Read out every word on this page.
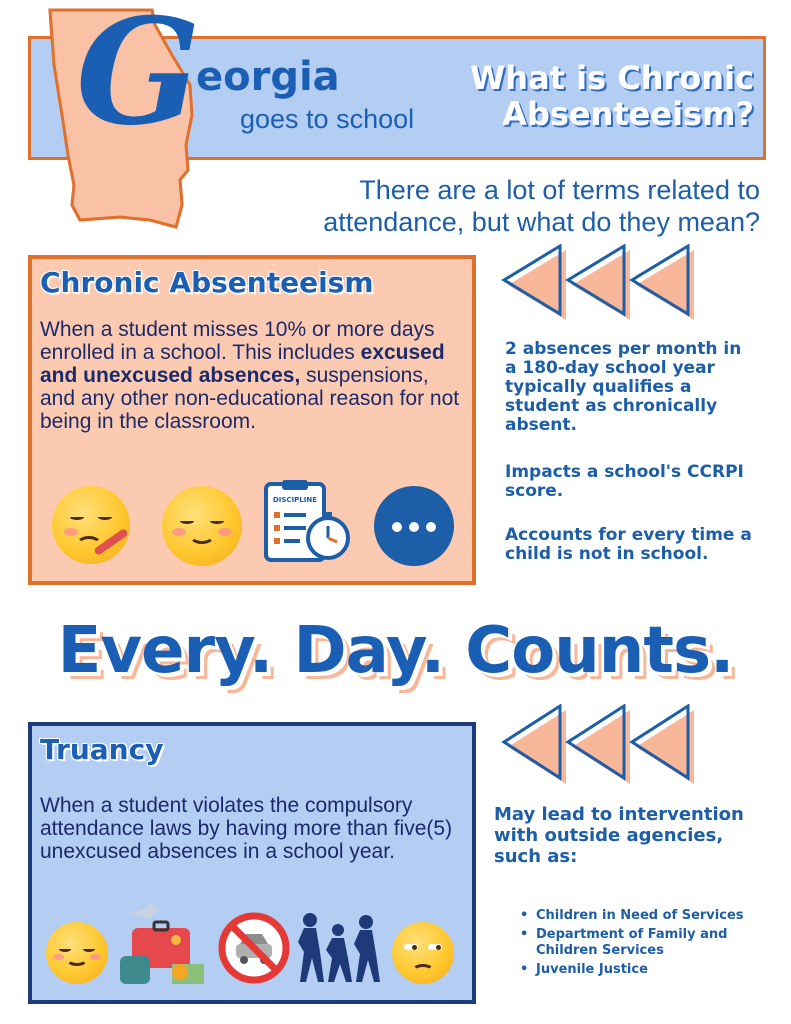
G
eorgia
goes to school
What is Chronic Absenteeism?
There are a lot of terms related to attendance, but what do they mean?
Chronic Absenteeism
When a student misses 10% or more days enrolled in a school. This includes excused and unexcused absences, suspensions, and any other non-educational reason for not being in the classroom.
DISCIPLINE
2 absences per month in a 180-day school year typically qualifies a student as chronically absent.
Impacts a school's CCRPI score.
Accounts for every time a child is not in school.
Every. Day. Counts.
Truancy
When a student violates the compulsory attendance laws by having more than five(5) unexcused absences in a school year.
May lead to intervention with outside agencies, such as:
• Children in Need of Services
• Department of Family and Children Services
• Juvenile Justice
